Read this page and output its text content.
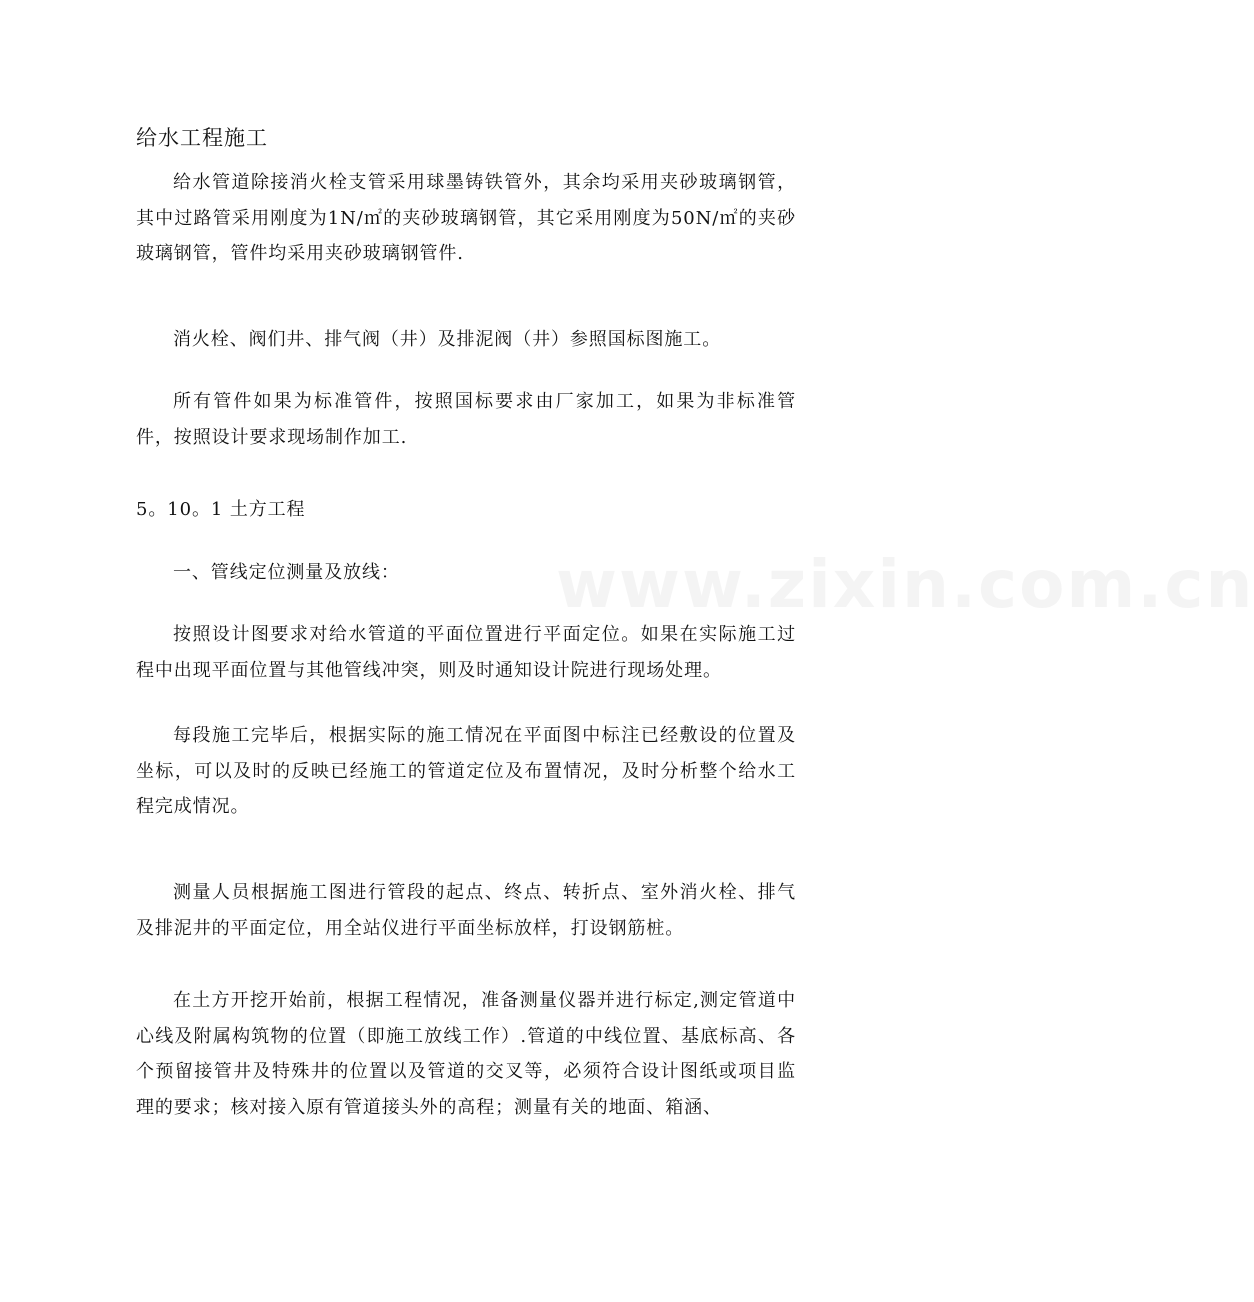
www.zixin.com.cn
给水工程施工

给水管道除接消火栓支管采用球墨铸铁管外，其余均采用夹砂玻璃钢管，其中过路管采用刚度为1N/㎡的夹砂玻璃钢管，其它采用刚度为50N/㎡的夹砂玻璃钢管，管件均采用夹砂玻璃钢管件.

消火栓、阀们井、排气阀（井）及排泥阀（井）参照国标图施工。

所有管件如果为标准管件，按照国标要求由厂家加工，如果为非标准管件，按照设计要求现场制作加工.

5。10。1 土方工程

一、管线定位测量及放线：

按照设计图要求对给水管道的平面位置进行平面定位。如果在实际施工过程中出现平面位置与其他管线冲突，则及时通知设计院进行现场处理。

每段施工完毕后，根据实际的施工情况在平面图中标注已经敷设的位置及坐标，可以及时的反映已经施工的管道定位及布置情况，及时分析整个给水工程完成情况。

测量人员根据施工图进行管段的起点、终点、转折点、室外消火栓、排气及排泥井的平面定位，用全站仪进行平面坐标放样，打设钢筋桩。

在土方开挖开始前，根据工程情况，准备测量仪器并进行标定,测定管道中心线及附属构筑物的位置（即施工放线工作）.管道的中线位置、基底标高、各个预留接管井及特殊井的位置以及管道的交叉等，必须符合设计图纸或项目监理的要求；核对接入原有管道接头外的高程；测量有关的地面、箱涵、
